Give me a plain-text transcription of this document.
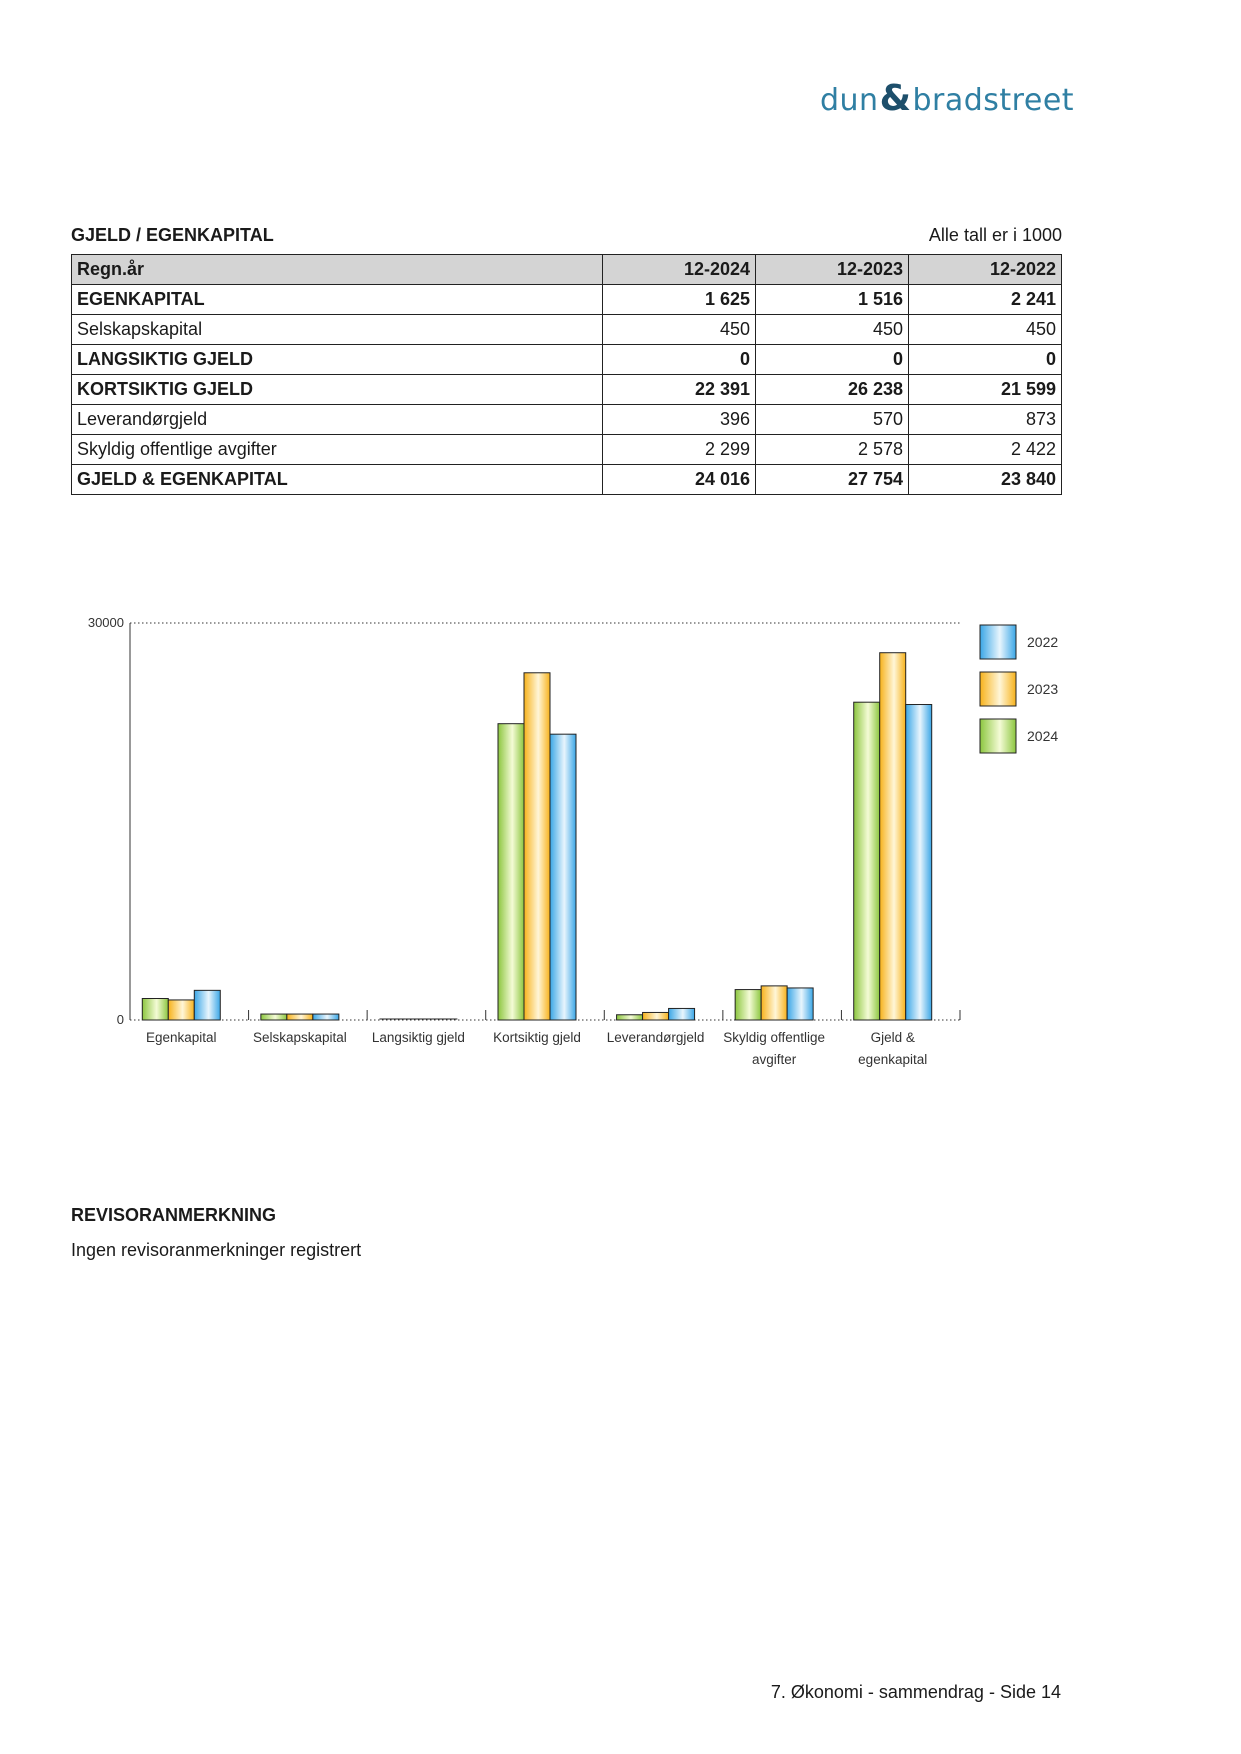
dun&bradstreet
GJELD / EGENKAPITAL	Alle tall er i 1000
Regn.år	12-2024	12-2023	12-2022
EGENKAPITAL	1 625	1 516	2 241
Selskapskapital	450	450	450
LANGSIKTIG GJELD	0	0	0
KORTSIKTIG GJELD	22 391	26 238	21 599
Leverandørgjeld	396	570	873
Skyldig offentlige avgifter	2 299	2 578	2 422
GJELD & EGENKAPITAL	24 016	27 754	23 840
30000
0
Egenkapital	Selskapskapital Langsiktig gjeld Kortsiktig gjeld Leverandørgjeld Skyldig offentlige
avgifter
Gjeld &
egenkapital
2022
2023
2024
REVISORANMERKNING
Ingen revisoranmerkninger registrert
7. Økonomi - sammendrag - Side 14
